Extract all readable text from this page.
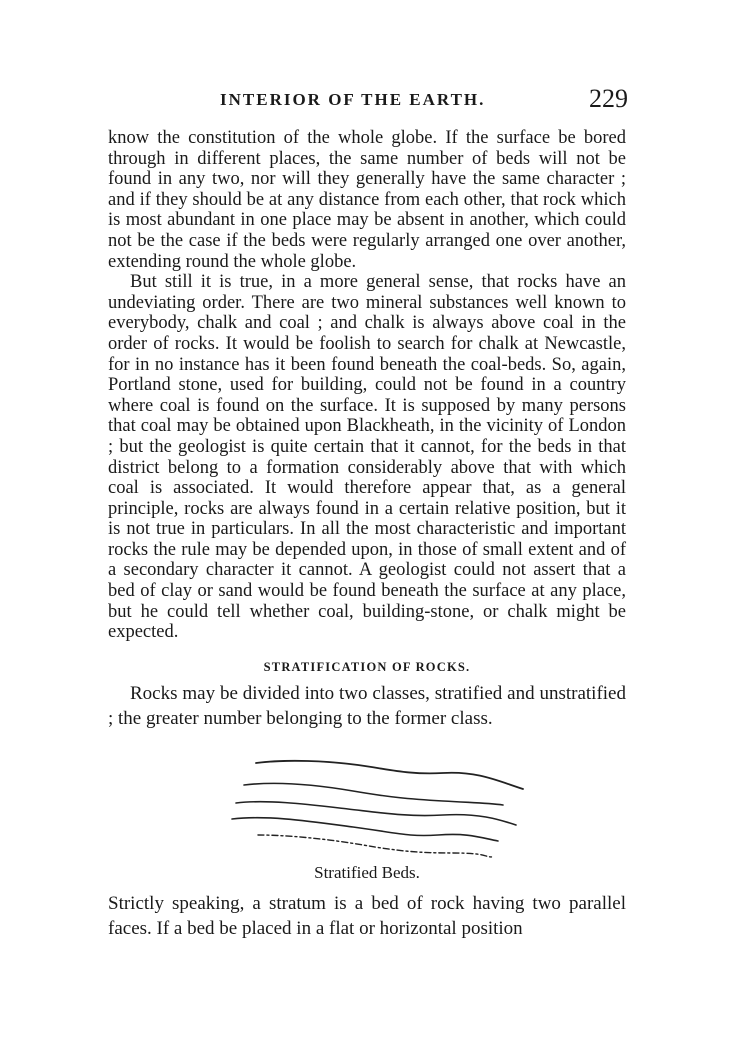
INTERIOR OF THE EARTH.	229

know the constitution of the whole globe. If the surface be bored through in different places, the same number of beds will not be found in any two, nor will they generally have the same character ; and if they should be at any distance from each other, that rock which is most abundant in one place may be absent in another, which could not be the case if the beds were regularly arranged one over another, extending round the whole globe.

But still it is true, in a more general sense, that rocks have an undeviating order. There are two mineral substances well known to everybody, chalk and coal ; and chalk is always above coal in the order of rocks. It would be foolish to search for chalk at Newcastle, for in no instance has it been found beneath the coal-beds. So, again, Portland stone, used for building, could not be found in a country where coal is found on the surface. It is supposed by many persons that coal may be obtained upon Blackheath, in the vicinity of London ; but the geologist is quite certain that it cannot, for the beds in that district belong to a formation considerably above that with which coal is associated. It would therefore appear that, as a general principle, rocks are always found in a certain relative position, but it is not true in particulars. In all the most characteristic and important rocks the rule may be depended upon, in those of small extent and of a secondary character it cannot. A geologist could not assert that a bed of clay or sand would be found beneath the surface at any place, but he could tell whether coal, building-stone, or chalk might be expected.

STRATIFICATION OF ROCKS.

Rocks may be divided into two classes, stratified and unstratified ; the greater number belonging to the former class.

Stratified Beds.

Strictly speaking, a stratum is a bed of rock having two parallel faces. If a bed be placed in a flat or horizontal position
